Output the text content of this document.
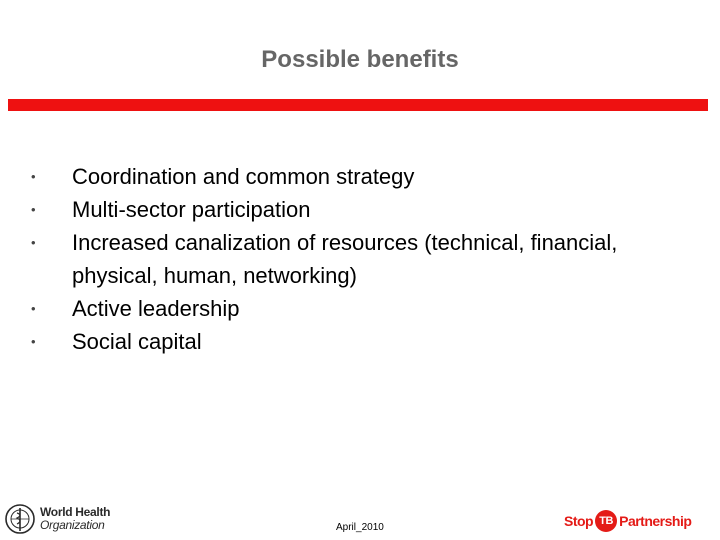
Possible benefits
• Coordination and common strategy
• Multi-sector participation
• Increased canalization of resources (technical, financial, physical, human, networking)
• Active leadership
• Social capital
World Health
Organization	April_2010	Stop TB Partnership
